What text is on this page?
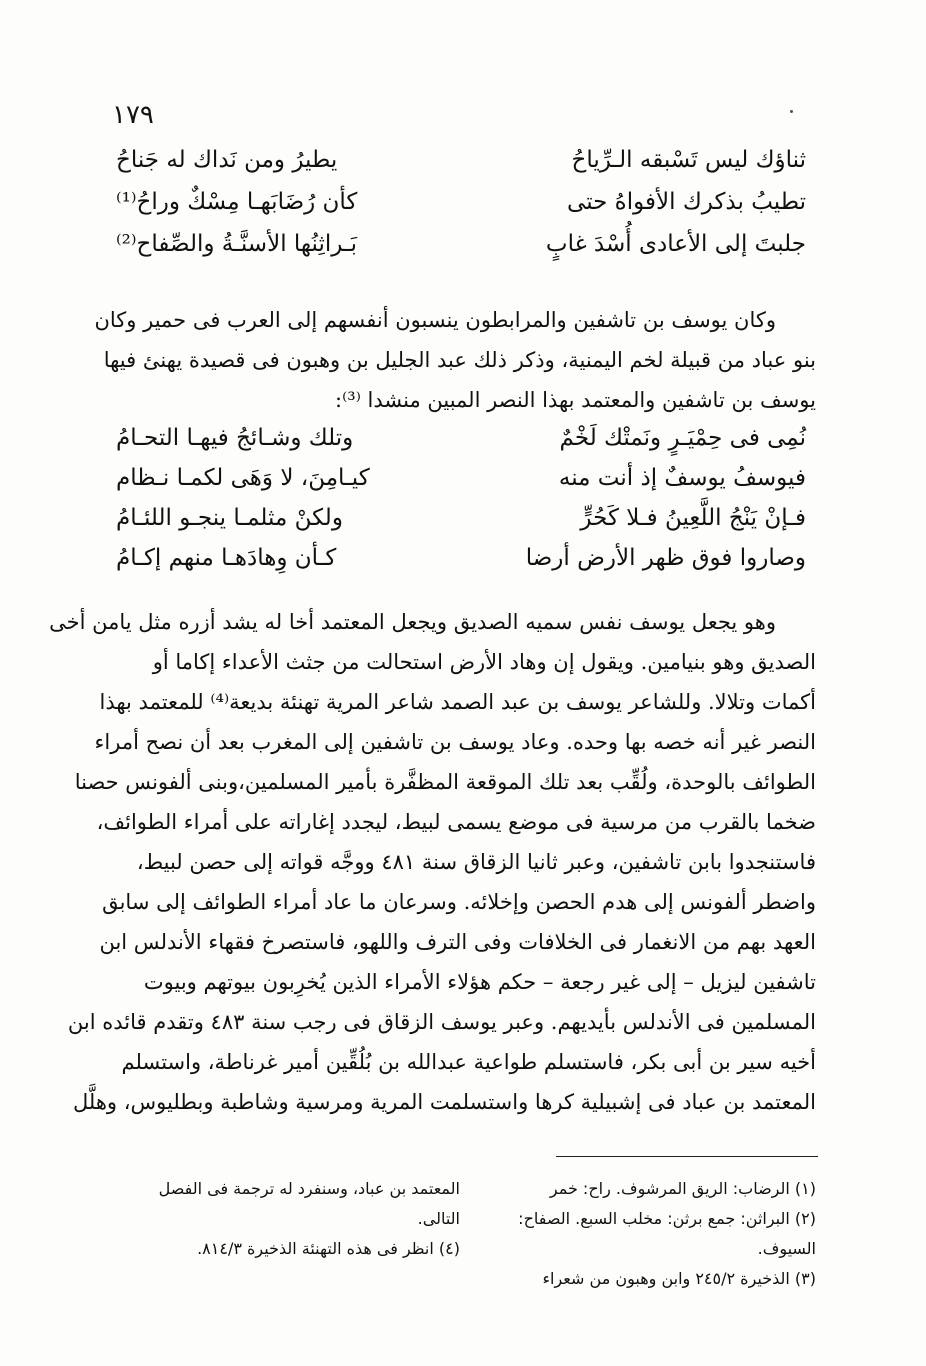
١٧٩
ثناؤك ليس تَسْبقه الـرِّياحُ
يطيرُ ومن نَداك له جَناحُ
تطيبُ بذكرك الأفواهُ حتى
كأن رُضَابَهـا مِسْكٌ وراحُ⁽¹⁾
جلبتَ إلى الأعادى أُسْدَ غابٍ
بَـراثِنُها الأسنَّـةُ والصِّفاح⁽²⁾
وكان يوسف بن تاشفين والمرابطون ينسبون أنفسهم إلى العرب فى حمير وكان
بنو عباد من قبيلة لخم اليمنية، وذكر ذلك عبد الجليل بن وهبون فى قصيدة يهنئ فيها
يوسف بن تاشفين والمعتمد بهذا النصر المبين منشدا ⁽³⁾:
نُمِى فى حِمْيَـرٍ ونَمتْك لَخْمٌ
وتلك وشـائجُ فيهـا التحـامُ
فيوسفُ يوسفٌ إذ أنت منه
كيـامِنَ، لا وَهَى لكمـا نـظام
فـإنْ يَنْجُ اللَّعِينُ فـلا كَحُرٍّ
ولكنْ مثلمـا ينجـو اللئـامُ
وصاروا فوق ظهر الأرض أرضا
كـأن وِهادَهـا منهم إكـامُ
وهو يجعل يوسف نفس سميه الصديق ويجعل المعتمد أخا له يشد أزره مثل يامن أخى
الصديق وهو بنيامين. ويقول إن وهاد الأرض استحالت من جثث الأعداء إكاما أو
أكمات وتلالا. وللشاعر يوسف بن عبد الصمد شاعر المرية تهنئة بديعة⁽⁴⁾ للمعتمد بهذا
النصر غير أنه خصه بها وحده. وعاد يوسف بن تاشفين إلى المغرب بعد أن نصح أمراء
الطوائف بالوحدة، ولُقِّب بعد تلك الموقعة المظفَّرة بأمير المسلمين،وبنى ألفونس حصنا
ضخما بالقرب من مرسية فى موضع يسمى لبيط، ليجدد إغاراته على أمراء الطوائف،
فاستنجدوا بابن تاشفين، وعبر ثانيا الزقاق سنة ٤٨١ ووجَّه قواته إلى حصن لبيط،
واضطر ألفونس إلى هدم الحصن وإخلائه. وسرعان ما عاد أمراء الطوائف إلى سابق
العهد بهم من الانغمار فى الخلافات وفى الترف واللهو، فاستصرخ فقهاء الأندلس ابن
تاشفين ليزيل – إلى غير رجعة – حكم هؤلاء الأمراء الذين يُخرِبون بيوتهم وبيوت
المسلمين فى الأندلس بأيديهم. وعبر يوسف الزقاق فى رجب سنة ٤٨٣ وتقدم قائده ابن
أخيه سير بن أبى بكر، فاستسلم طواعية عبدالله بن بُلُقِّين أمير غرناطة، واستسلم
المعتمد بن عباد فى إشبيلية كرها واستسلمت المرية ومرسية وشاطبة وبطليوس، وهلَّل
(١) الرضاب: الريق المرشوف. راح: خمر
(٢) البراثن: جمع برثن: مخلب السبع. الصفاح:
السيوف.
(٣) الذخيرة ٢٤٥/٢ وابن وهبون من شعراء
المعتمد بن عباد، وسنفرد له ترجمة فى الفصل
التالى.
(٤) انظر فى هذه التهنئة الذخيرة ٨١٤/٣.
